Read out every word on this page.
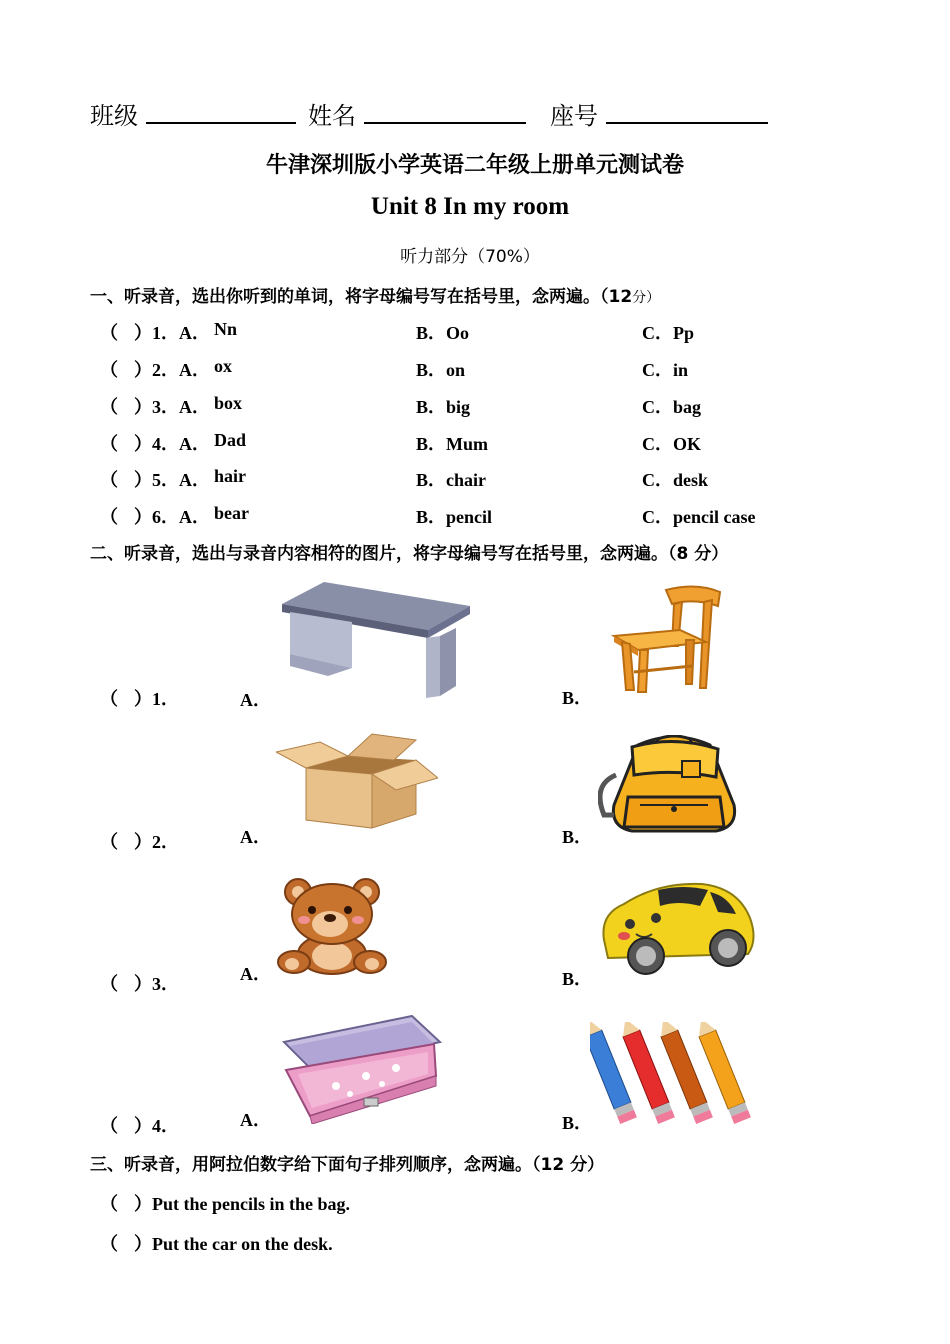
班级	姓名	座号
牛津深圳版小学英语二年级上册单元测试卷
Unit 8 In my room
听力部分（70%）
一、听录音，选出你听到的单词，将字母编号写在括号里，念两遍。（12分）
（ ）1．A． Nn	B．Oo	C．Pp
（ ）2．A． ox	B．on	C．in
（ ）3．A． box	B．big	C．bag
（ ）4．A． Dad	B．Mum	C．OK
（ ）5．A． hair	B．chair	C．desk
（ ）6．A． bear	B．pencil	C．pencil case
二、听录音，选出与录音内容相符的图片，将字母编号写在括号里，念两遍。（8 分）
（ ）1．	A．	B．
（ ）2．	A．	B．
（ ）3．	A．	B．
（ ）4．	A．	B．
三、听录音，用阿拉伯数字给下面句子排列顺序，念两遍。（12 分）
（ ）Put the pencils in the bag.
（ ）Put the car on the desk.
